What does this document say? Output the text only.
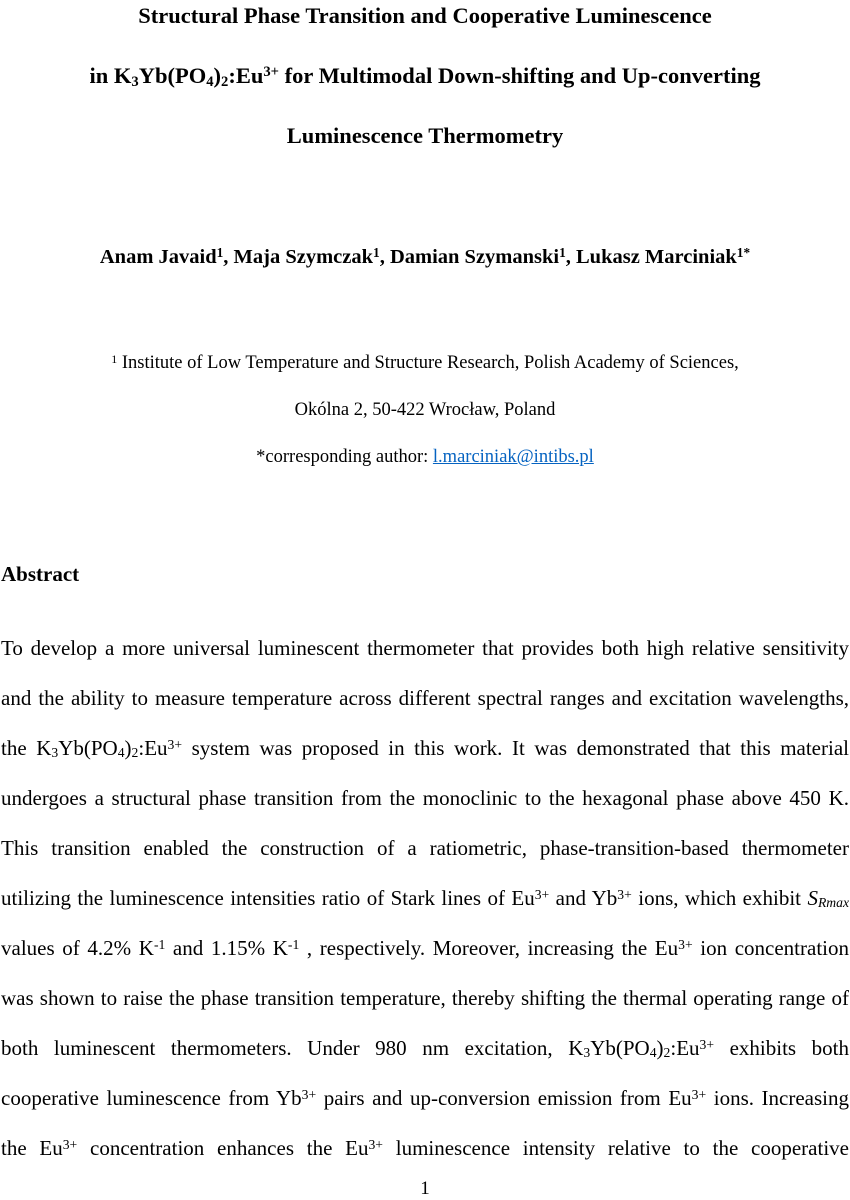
Structural Phase Transition and Cooperative Luminescence
in $K_3Yb(PO_4)_2:Eu^{3+}$ for Multimodal Down-shifting and Up-converting
Luminescence Thermometry
Anam Javaid$^1$, Maja Szymczak$^1$, Damian Szymanski$^1$, Lukasz Marciniak$^{1*}$
$^1$ Institute of Low Temperature and Structure Research, Polish Academy of Sciences,
Okólna 2, 50-422 Wrocław, Poland
*corresponding author: l.marciniak@intibs.pl
Abstract

To develop a more universal luminescent thermometer that provides both high relative sensitivity and the ability to measure temperature across different spectral ranges and excitation wavelengths, the $K_3Yb(PO_4)_2:Eu^{3+}$ system was proposed in this work. It was demonstrated that this material undergoes a structural phase transition from the monoclinic to the hexagonal phase above 450 K. This transition enabled the construction of a ratiometric, phase-transition-based thermometer utilizing the luminescence intensities ratio of Stark lines of $Eu^{3+}$ and $Yb^{3+}$ ions, which exhibit $S_{Rmax}$ values of 4.2% $K^{-1}$ and 1.15% $K^{-1}$ , respectively. Moreover, increasing the $Eu^{3+}$ ion concentration was shown to raise the phase transition temperature, thereby shifting the thermal operating range of both luminescent thermometers. Under 980 nm excitation, $K_3Yb(PO_4)_2:Eu^{3+}$ exhibits both cooperative luminescence from $Yb^{3+}$ pairs and up-conversion emission from $Eu^{3+}$ ions. Increasing the $Eu^{3+}$ concentration enhances the $Eu^{3+}$ luminescence intensity relative to the cooperative

1
